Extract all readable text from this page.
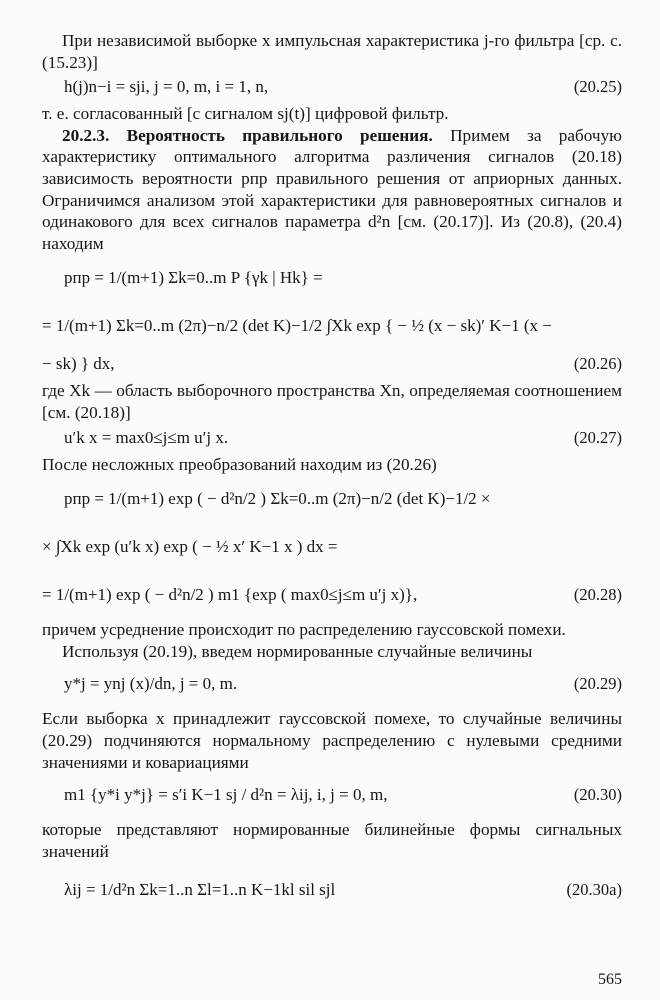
При независимой выборке x импульсная характеристика j-го фильтра [ср. с. (15.23)]

h(j)n−i = sji, j = 0, m, i = 1, n,	(20.25)

т. е. согласованный [с сигналом sj(t)] цифровой фильтр.

20.2.3. Вероятность правильного решения. Примем за рабочую характеристику оптимального алгоритма различения сигналов (20.18) зависимость вероятности pпр правильного решения от априорных данных. Ограничимся анализом этой характеристики для равновероятных сигналов и одинакового для всех сигналов параметра d²n [см. (20.17)]. Из (20.8), (20.4) находим

pпр = 1/(m+1) Σk=0..m P {γk | Hk} =
= 1/(m+1) Σk=0..m (2π)−n/2 (det K)−1/2 ∫Xk exp { − ½ (x − sk)′ K−1 (x −
− sk) } dx,	(20.26)

где Xk — область выборочного пространства Xn, определяемая соотношением [см. (20.18)]

u′k x = max0≤j≤m u′j x.	(20.27)

После несложных преобразований находим из (20.26)

pпр = 1/(m+1) exp ( − d²n/2 ) Σk=0..m (2π)−n/2 (det K)−1/2 ×
× ∫Xk exp (u′k x) exp ( − ½ x′ K−1 x ) dx =
= 1/(m+1) exp ( − d²n/2 ) m1 {exp ( max0≤j≤m u′j x)},	(20.28)

причем усреднение происходит по распределению гауссовской помехи.

Используя (20.19), введем нормированные случайные величины

y*j = ynj (x)/dn, j = 0, m.	(20.29)

Если выборка x принадлежит гауссовской помехе, то случайные величины (20.29) подчиняются нормальному распределению с нулевыми средними значениями и ковариациями

m1 {y*i y*j} = s′i K−1 sj / d²n = λij, i, j = 0, m,	(20.30)

которые представляют нормированные билинейные формы сигнальных значений

λij = 1/d²n Σk=1..n Σl=1..n K−1kl sil sjl	(20.30а)
565
